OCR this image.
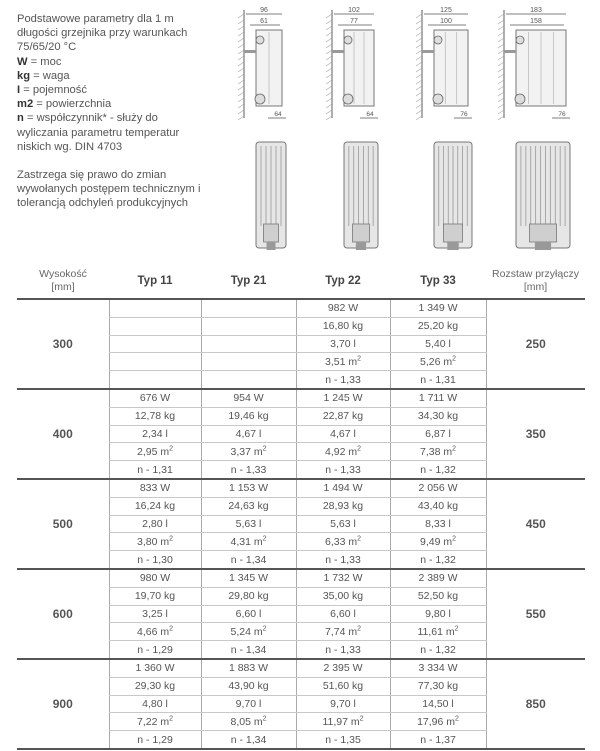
Podstawowe parametry dla 1 m

długości grzejnika przy warunkach

75/65/20 °C

W = moc

kg = waga

I = pojemność

m2 = powierzchnia

n = współczynnik* - służy do

wyliczania parametru temperatur

niskich wg. DIN 4703

Zastrzega się prawo do zmian

wywołanych postępem technicznym i

tolerancją odchyleń produkcyjnych

96
61
64
102
77
64
125
100
76
183
158
76
Wysokość
[mm]	Typ 11	Typ 21	Typ 22	Typ 33	Rozstaw przyłączy
[mm]
300			982 W	1 349 W	250
			16,80 kg	25,20 kg	
			3,70 l	5,40 l	
			3,51 $m^2$	5,26 $m^2$
			n - 1,33	n - 1,31	
400	676 W	954 W	1 245 W	1 711 W	350
	12,78 kg	19,46 kg	22,87 kg	34,30 kg	
	2,34 l	4,67 l	4,67 l	6,87 l	
	2,95 $m^2$	3,37 $m^2$	4,92 $m^2$	7,38 $m^2$
	n - 1,31	n - 1,33	n - 1,33	n - 1,32	
500	833 W	1 153 W	1 494 W	2 056 W	450
	16,24 kg	24,63 kg	28,93 kg	43,40 kg	
	2,80 l	5,63 l	5,63 l	8,33 l	
	3,80 $m^2$	4,31 $m^2$	6,33 $m^2$	9,49 $m^2$
	n - 1,30	n - 1,34	n - 1,33	n - 1,32	
600	980 W	1 345 W	1 732 W	2 389 W	550
	19,70 kg	29,80 kg	35,00 kg	52,50 kg	
	3,25 l	6,60 l	6,60 l	9,80 l	
	4,66 $m^2$	5,24 $m^2$	7,74 $m^2$	11,61 $m^2$
	n - 1,29	n - 1,34	n - 1,33	n - 1,32	
900	1 360 W	1 883 W	2 395 W	3 334 W	850
	29,30 kg	43,90 kg	51,60 kg	77,30 kg	
	4,80 l	9,70 l	9,70 l	14,50 l	
	7,22 $m^2$	8,05 $m^2$	11,97 $m^2$	17,96 $m^2$
	n - 1,29	n - 1,34	n - 1,35	n - 1,37	
